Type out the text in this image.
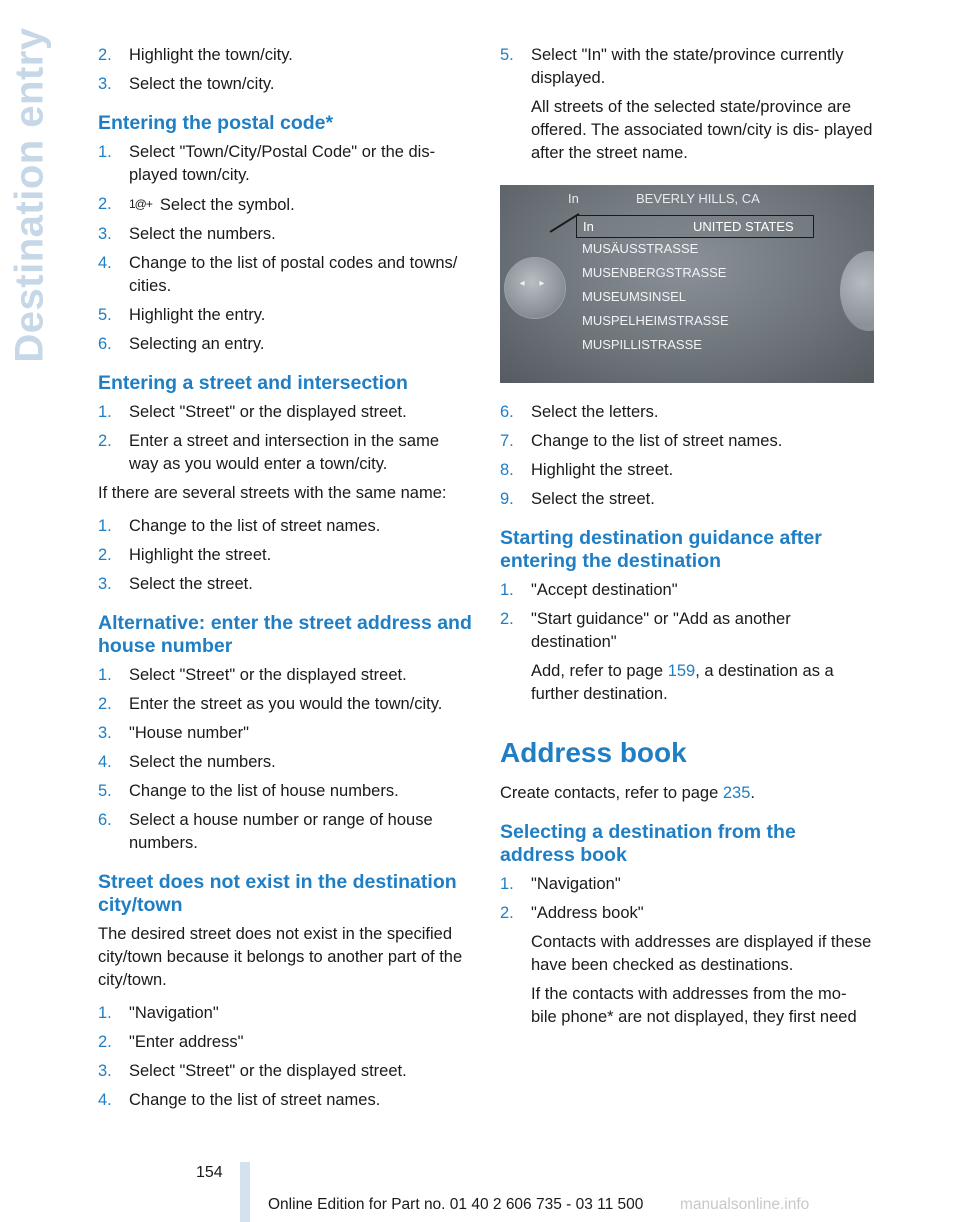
Destination entry	2. Highlight the town/city.
3. Select the town/city.
Entering the postal code*
1. Select "Town/City/Postal Code" or the dis- played town/city.
2. 1@+ Select the symbol.
3. Select the numbers.
4. Change to the list of postal codes and towns/ cities.
5. Highlight the entry.
6. Selecting an entry.
Entering a street and intersection
1. Select "Street" or the displayed street.
2. Enter a street and intersection in the same way as you would enter a town/city.
If there are several streets with the same name:
1. Change to the list of street names.
2. Highlight the street.
3. Select the street.
Alternative: enter the street address and house number
1. Select "Street" or the displayed street.
2. Enter the street as you would the town/city.
3. "House number"
4. Select the numbers.
5. Change to the list of house numbers.
6. Select a house number or range of house numbers.
Street does not exist in the destination city/town
The desired street does not exist in the specified city/town because it belongs to another part of the city/town.
1. "Navigation"
2. "Enter address"
3. Select "Street" or the displayed street.
4. Change to the list of street names.
5. Select "In" with the state/province currently displayed.
All streets of the selected state/province are offered. The associated town/city is dis- played after the street name.
◂ ▸
In	BEVERLY HILLS, CA
In	UNITED STATES
MUSÄUSSTRASSE
MUSENBERGSTRASSE
MUSEUMSINSEL
MUSPELHEIMSTRASSE
MUSPILLISTRASSE
6. Select the letters.
7. Change to the list of street names.
8. Highlight the street.
9. Select the street.
Starting destination guidance after entering the destination
1. "Accept destination"
2. "Start guidance" or "Add as another destination"
Add, refer to page 159, a destination as a further destination.
Address book
Create contacts, refer to page 235.
Selecting a destination from the address book
1. "Navigation"
2. "Address book"
Contacts with addresses are displayed if these have been checked as destinations.
If the contacts with addresses from the mo- bile phone* are not displayed, they first need
154
Online Edition for Part no. 01 40 2 606 735 - 03 11 500 manualsonline.info
